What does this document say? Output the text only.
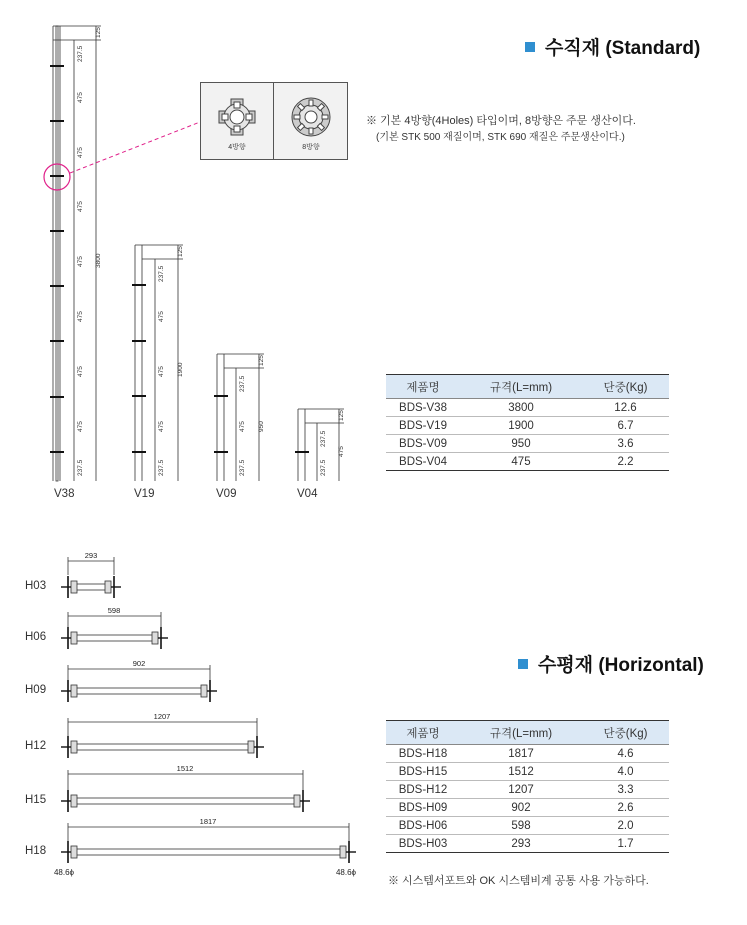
수직재 (Standard)
※ 기본 4방향(4Holes) 타입이며, 8방향은 주문 생산이다.
(기본 STK 500 재질이며, STK 690 재질은 주문생산이다.)
125
237.5
475
475
475
475
475
475
475
237.5
3800
125
237.5
475
475
475
237.5
1900
125
237.5
475
237.5
950
125
237.5
237.5
475
V38	V19	V09	V04
4방향	8방향
제품명	규격(L=mm)	단중(Kg)
BDS-V38	3800	12.6
BDS-V19	1900	6.7
BDS-V09	950	3.6
BDS-V04	475	2.2
수평재 (Horizontal)
293
598
902
1207
1512
1817
48.6ϕ	48.6ϕ
H03
H06
H09
H12
H15
H18
제품명	규격(L=mm)	단중(Kg)
BDS-H18	1817	4.6
BDS-H15	1512	4.0
BDS-H12	1207	3.3
BDS-H09	902	2.6
BDS-H06	598	2.0
BDS-H03	293	1.7
※ 시스템서포트와 OK 시스템비계 공통 사용 가능하다.
